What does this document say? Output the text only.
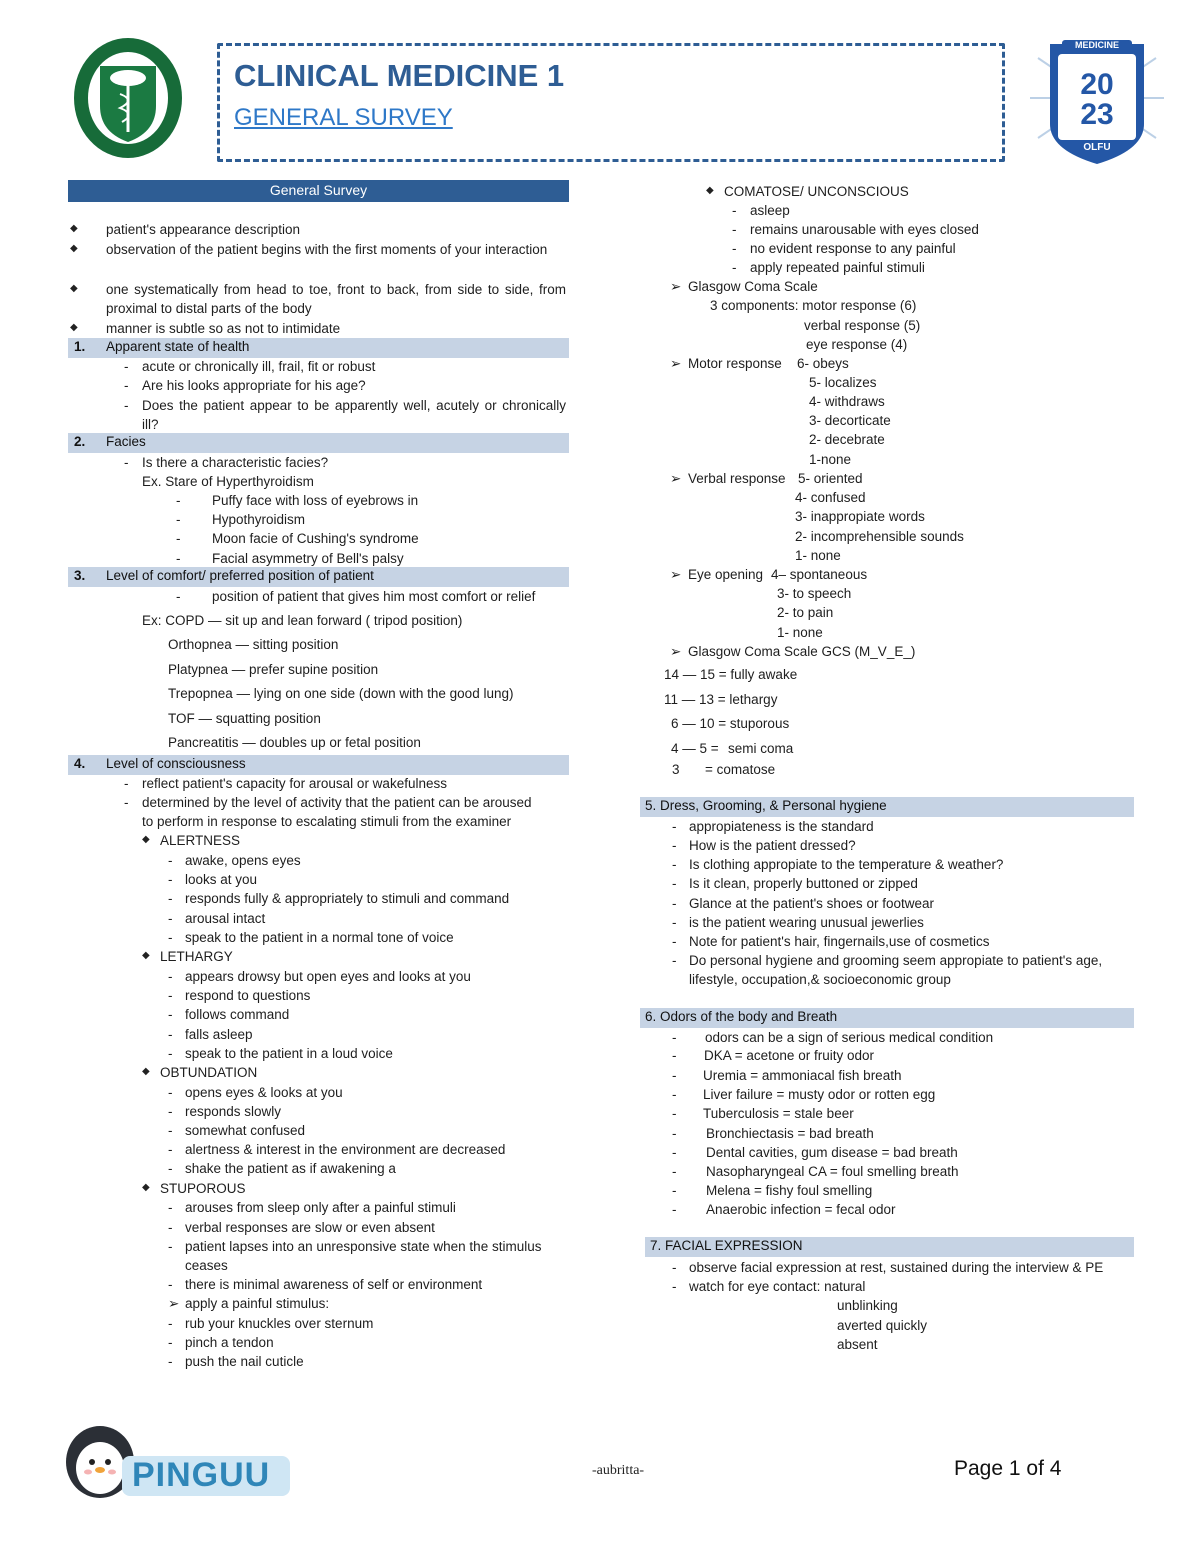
CLINICAL MEDICINE 1
GENERAL SURVEY
MEDICINE
20
23
OLFU
General Survey
◆ patient's appearance description
◆ observation of the patient begins with the first moments of your interaction
◆ one systematically from head to toe, front to back, from side to side, from proximal to distal parts of the body
◆ manner is subtle so as not to intimidate
1. Apparent state of health
- acute or chronically ill, frail, fit or robust
- Are his looks appropriate for his age?
- Does the patient appear to be apparently well, acutely or chronically ill?
2. Facies
- Is there a characteristic facies?
Ex. Stare of Hyperthyroidism
- Puffy face with loss of eyebrows in
- Hypothyroidism
- Moon facie of Cushing's syndrome
- Facial asymmetry of Bell's palsy
3. Level of comfort/ preferred position of patient
- position of patient that gives him most comfort or relief
Ex: COPD — sit up and lean forward ( tripod position)
Orthopnea — sitting position
Platypnea — prefer supine position
Trepopnea — lying on one side (down with the good lung)
TOF — squatting position
Pancreatitis — doubles up or fetal position
4. Level of consciousness
- reflect patient's capacity for arousal or wakefulness
- determined by the level of activity that the patient can be aroused
to perform in response to escalating stimuli from the examiner
◆ ALERTNESS
- awake, opens eyes
- looks at you
- responds fully & appropriately to stimuli and command
- arousal intact
- speak to the patient in a normal tone of voice
◆ LETHARGY
- appears drowsy but open eyes and looks at you
- respond to questions
- follows command
- falls asleep
- speak to the patient in a loud voice
◆ OBTUNDATION
- opens eyes & looks at you
- responds slowly
- somewhat confused
- alertness & interest in the environment are decreased
- shake the patient as if awakening a
◆ STUPOROUS
- arouses from sleep only after a painful stimuli
- verbal responses are slow or even absent
- patient lapses into an unresponsive state when the stimulus
ceases
- there is minimal awareness of self or environment
➢ apply a painful stimulus:
- rub your knuckles over sternum
- pinch a tendon
- push the nail cuticle
◆ COMATOSE/ UNCONSCIOUS
- asleep
- remains unarousable with eyes closed
- no evident response to any painful
- apply repeated painful stimuli
➢ Glasgow Coma Scale
3 components: motor response (6)
verbal response (5)
eye response (4)
➢ Motor response 6- obeys
5- localizes
4- withdraws
3- decorticate
2- decebrate
1-none
➢ Verbal response 5- oriented
4- confused
3- inappropiate words
2- incomprehensible sounds
1- none
➢ Eye opening 4– spontaneous
3- to speech
2- to pain
1- none
➢ Glasgow Coma Scale GCS (M_V_E_)
14 — 15 = fully awake
11 — 13 = lethargy
6 — 10 = stuporous
4 — 5 = semi coma
3 = comatose
5. Dress, Grooming, & Personal hygiene
- appropiateness is the standard
- How is the patient dressed?
- Is clothing appropiate to the temperature & weather?
- Is it clean, properly buttoned or zipped
- Glance at the patient's shoes or footwear
- is the patient wearing unusual jewerlies
- Note for patient's hair, fingernails,use of cosmetics
- Do personal hygiene and grooming seem appropiate to patient's age,
lifestyle, occupation,& socioeconomic group
6. Odors of the body and Breath
- odors can be a sign of serious medical condition
- DKA = acetone or fruity odor
- Uremia = ammoniacal fish breath
- Liver failure = musty odor or rotten egg
- Tuberculosis = stale beer
- Bronchiectasis = bad breath
- Dental cavities, gum disease = bad breath
- Nasopharyngeal CA = foul smelling breath
- Melena = fishy foul smelling
- Anaerobic infection = fecal odor
7. FACIAL EXPRESSION
- observe facial expression at rest, sustained during the interview & PE
- watch for eye contact: natural
unblinking
averted quickly
absent
PINGUU	-aubritta-	Page 1 of 4
